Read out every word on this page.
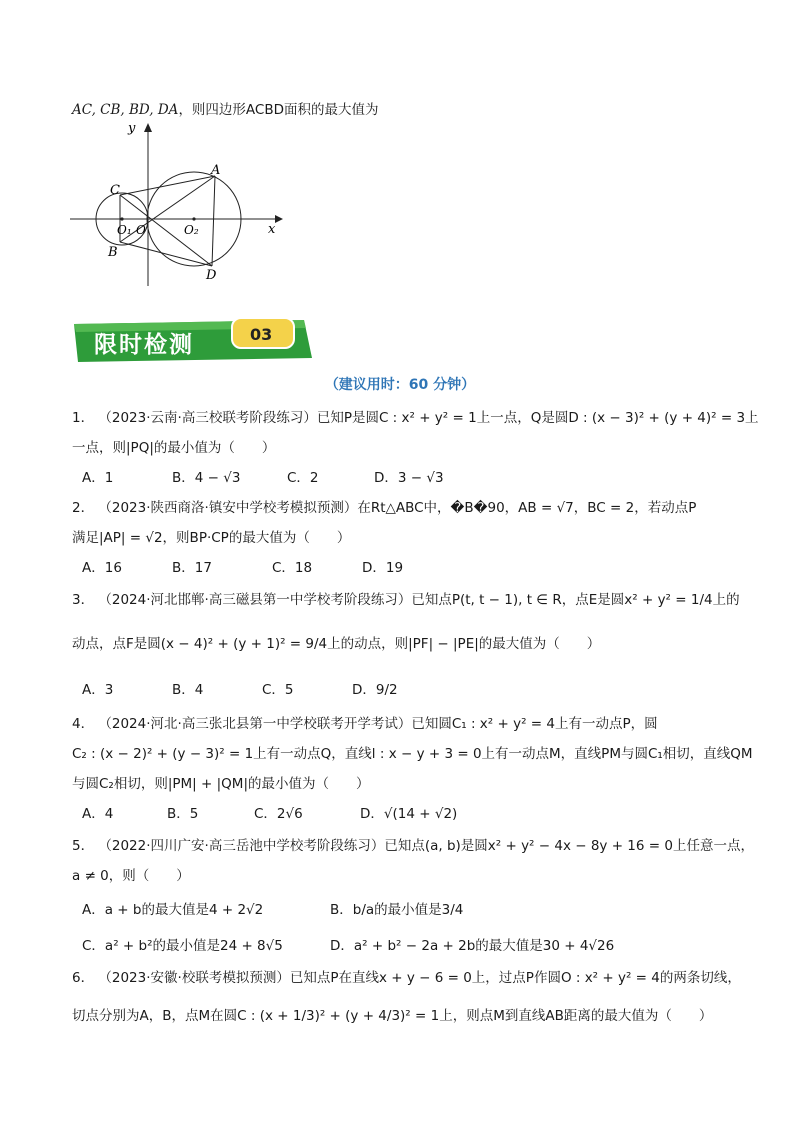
AC, CB, BD, DA，则四边形ACBD面积的最大值为
y
x
A
C
B
D
O₁ O	O₂
限时检测	03
（建议用时：60 分钟）
1． （2023·云南·高三校联考阶段练习）已知P是圆C : x² + y² = 1上一点，Q是圆D : (x − 3)² + (y + 4)² = 3上
一点，则|PQ|的最小值为（　　）
A．1	B．4 − √3	C．2	D．3 − √3
2． （2023·陕西商洛·镇安中学校考模拟预测）在Rt△ABC中，�B�90，AB = √7，BC = 2，若动点P
满足|AP| = √2，则BP·CP的最大值为（　　）
A．16	B．17	C．18	D．19
3． （2024·河北邯郸·高三磁县第一中学校考阶段练习）已知点P(t, t − 1), t ∈ R，点E是圆x² + y² = 1/4上的
动点，点F是圆(x − 4)² + (y + 1)² = 9/4上的动点，则|PF| − |PE|的最大值为（　　）
A．3	B．4	C．5	D．9/2
4． （2024·河北·高三张北县第一中学校联考开学考试）已知圆C₁ : x² + y² = 4上有一动点P，圆
C₂ : (x − 2)² + (y − 3)² = 1上有一动点Q，直线l : x − y + 3 = 0上有一动点M，直线PM与圆C₁相切，直线QM
与圆C₂相切，则|PM| + |QM|的最小值为（　　）
A．4	B．5	C．2√6	D．√(14 + √2)
5． （2022·四川广安·高三岳池中学校考阶段练习）已知点(a, b)是圆x² + y² − 4x − 8y + 16 = 0上任意一点，
a ≠ 0，则（　　）
A．a + b的最大值是4 + 2√2	B．b/a的最小值是3/4
C．a² + b²的最小值是24 + 8√5	D．a² + b² − 2a + 2b的最大值是30 + 4√26
6． （2023·安徽·校联考模拟预测）已知点P在直线x + y − 6 = 0上，过点P作圆O : x² + y² = 4的两条切线，
切点分别为A，B，点M在圆C : (x + 1/3)² + (y + 4/3)² = 1上，则点M到直线AB距离的最大值为（　　）
